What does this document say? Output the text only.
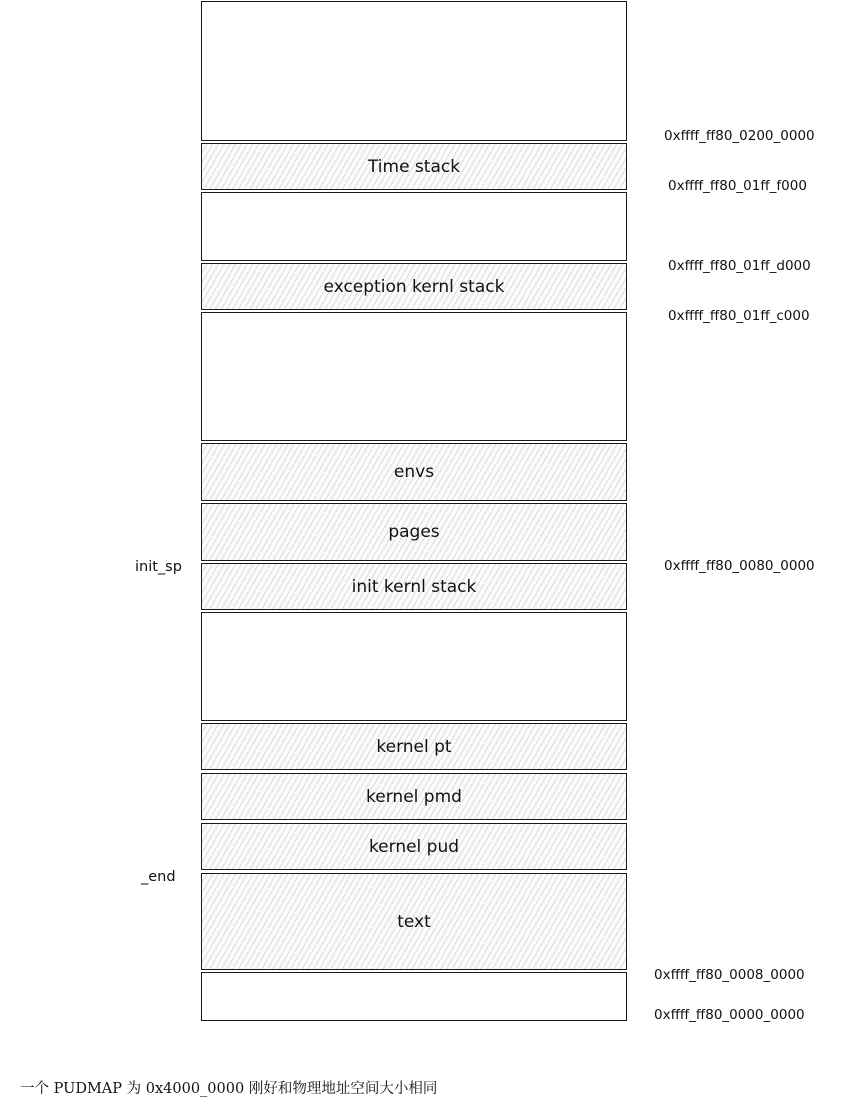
Time stack
exception kernl stack
envs
pages
init kernl stack
kernel pt
kernel pmd
kernel pud
text
0xffff_ff80_0200_0000
0xffff_ff80_01ff_f000
0xffff_ff80_01ff_d000
0xffff_ff80_01ff_c000
0xffff_ff80_0080_0000
0xffff_ff80_0008_0000
0xffff_ff80_0000_0000
init_sp
_end
一个 PUDMAP 为 0x4000_0000 刚好和物理地址空间大小相同
